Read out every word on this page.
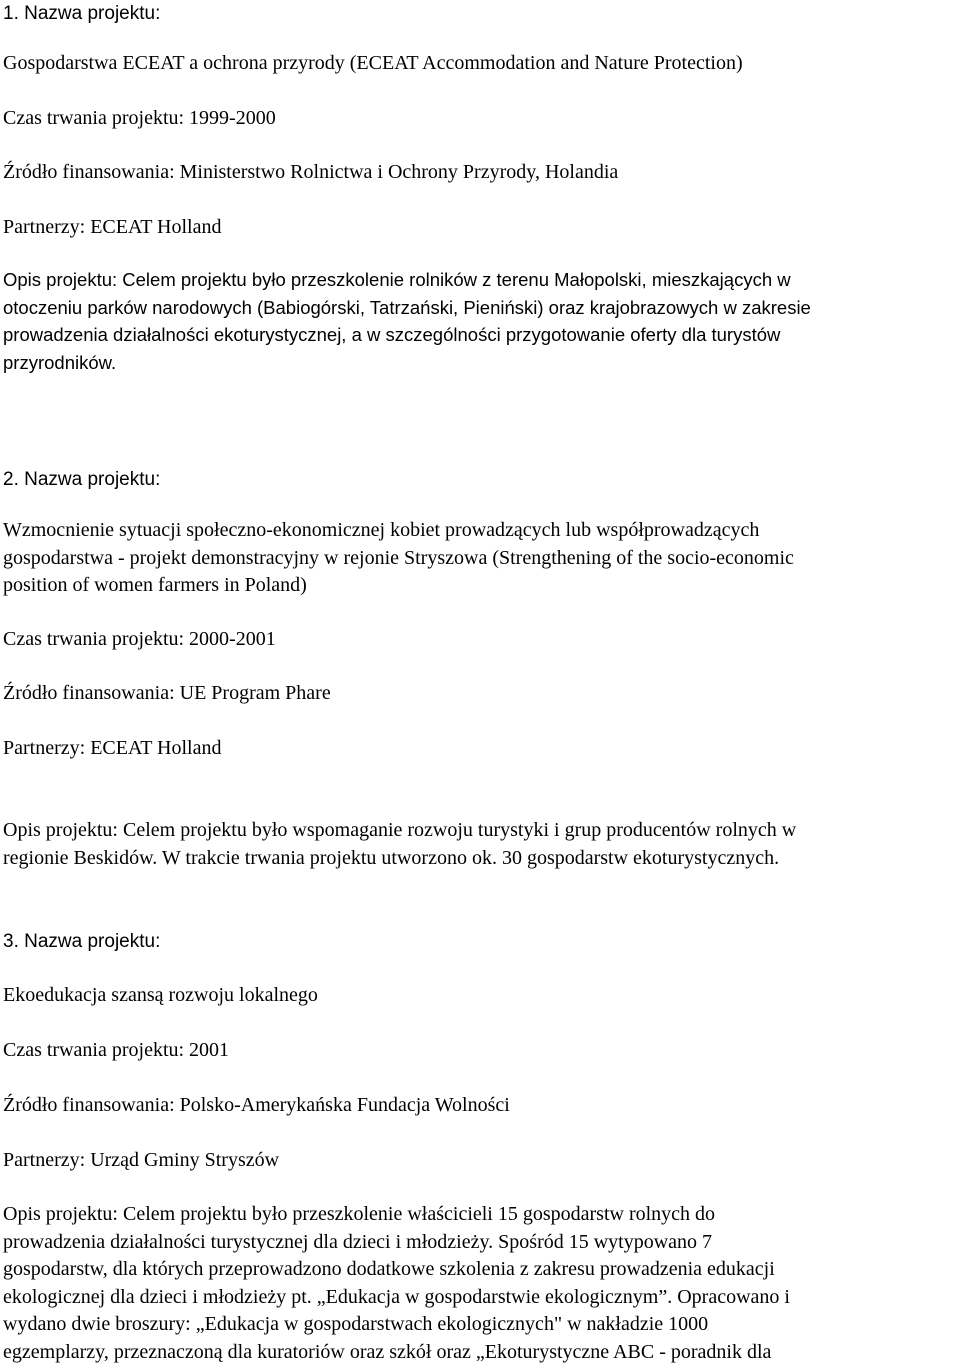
1. Nazwa projektu:

Gospodarstwa ECEAT a ochrona przyrody (ECEAT Accommodation and Nature Protection)

Czas trwania projektu: 1999-2000

Źródło finansowania: Ministerstwo Rolnictwa i Ochrony Przyrody, Holandia

Partnerzy: ECEAT Holland

Opis projektu: Celem projektu było przeszkolenie rolników z terenu Małopolski, mieszkających w

otoczeniu parków narodowych (Babiogórski, Tatrzański, Pieniński) oraz krajobrazowych w zakresie

prowadzenia działalności ekoturystycznej, a w szczególności przygotowanie oferty dla turystów

przyrodników.

2. Nazwa projektu:

Wzmocnienie sytuacji społeczno-ekonomicznej kobiet prowadzących lub współprowadzących

gospodarstwa - projekt demonstracyjny w rejonie Stryszowa (Strengthening of the socio-economic

position of women farmers in Poland)

Czas trwania projektu: 2000-2001

Źródło finansowania: UE Program Phare

Partnerzy: ECEAT Holland

Opis projektu: Celem projektu było wspomaganie rozwoju turystyki i grup producentów rolnych w

regionie Beskidów. W trakcie trwania projektu utworzono ok. 30 gospodarstw ekoturystycznych.

3. Nazwa projektu:

Ekoedukacja szansą rozwoju lokalnego

Czas trwania projektu: 2001

Źródło finansowania: Polsko-Amerykańska Fundacja Wolności

Partnerzy: Urząd Gminy Stryszów

Opis projektu: Celem projektu było przeszkolenie właścicieli 15 gospodarstw rolnych do

prowadzenia działalności turystycznej dla dzieci i młodzieży. Spośród 15 wytypowano 7

gospodarstw, dla których przeprowadzono dodatkowe szkolenia z zakresu prowadzenia edukacji

ekologicznej dla dzieci i młodzieży pt. „Edukacja w gospodarstwie ekologicznym”. Opracowano i

wydano dwie broszury: „Edukacja w gospodarstwach ekologicznych" w nakładzie 1000

egzemplarzy, przeznaczoną dla kuratoriów oraz szkół oraz „Ekoturystyczne ABC - poradnik dla
